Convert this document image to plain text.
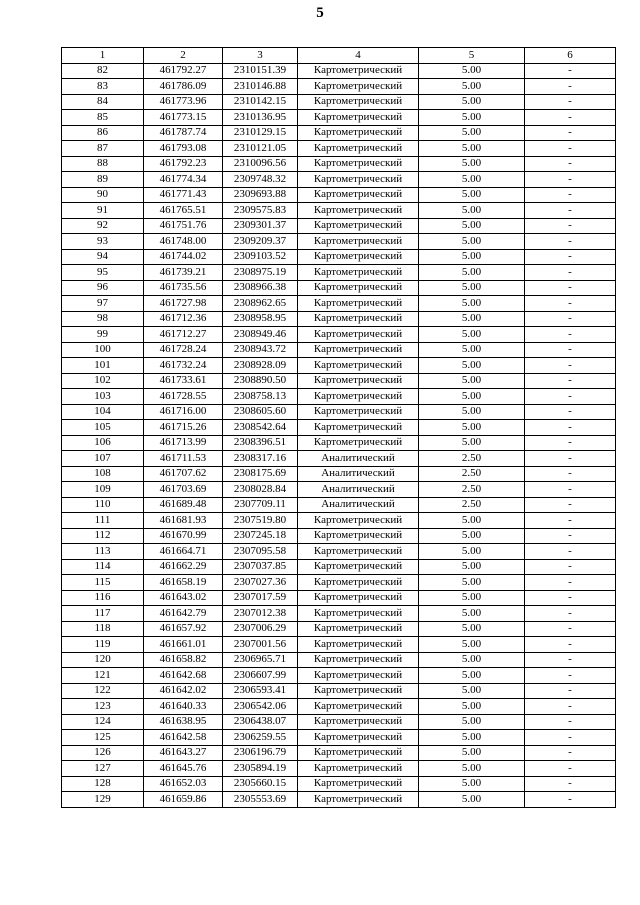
5
1	2	3	4	5	6
82	461792.27	2310151.39	Картометрический	5.00	-
83	461786.09	2310146.88	Картометрический	5.00	-
84	461773.96	2310142.15	Картометрический	5.00	-
85	461773.15	2310136.95	Картометрический	5.00	-
86	461787.74	2310129.15	Картометрический	5.00	-
87	461793.08	2310121.05	Картометрический	5.00	-
88	461792.23	2310096.56	Картометрический	5.00	-
89	461774.34	2309748.32	Картометрический	5.00	-
90	461771.43	2309693.88	Картометрический	5.00	-
91	461765.51	2309575.83	Картометрический	5.00	-
92	461751.76	2309301.37	Картометрический	5.00	-
93	461748.00	2309209.37	Картометрический	5.00	-
94	461744.02	2309103.52	Картометрический	5.00	-
95	461739.21	2308975.19	Картометрический	5.00	-
96	461735.56	2308966.38	Картометрический	5.00	-
97	461727.98	2308962.65	Картометрический	5.00	-
98	461712.36	2308958.95	Картометрический	5.00	-
99	461712.27	2308949.46	Картометрический	5.00	-
100	461728.24	2308943.72	Картометрический	5.00	-
101	461732.24	2308928.09	Картометрический	5.00	-
102	461733.61	2308890.50	Картометрический	5.00	-
103	461728.55	2308758.13	Картометрический	5.00	-
104	461716.00	2308605.60	Картометрический	5.00	-
105	461715.26	2308542.64	Картометрический	5.00	-
106	461713.99	2308396.51	Картометрический	5.00	-
107	461711.53	2308317.16	Аналитический	2.50	-
108	461707.62	2308175.69	Аналитический	2.50	-
109	461703.69	2308028.84	Аналитический	2.50	-
110	461689.48	2307709.11	Аналитический	2.50	-
111	461681.93	2307519.80	Картометрический	5.00	-
112	461670.99	2307245.18	Картометрический	5.00	-
113	461664.71	2307095.58	Картометрический	5.00	-
114	461662.29	2307037.85	Картометрический	5.00	-
115	461658.19	2307027.36	Картометрический	5.00	-
116	461643.02	2307017.59	Картометрический	5.00	-
117	461642.79	2307012.38	Картометрический	5.00	-
118	461657.92	2307006.29	Картометрический	5.00	-
119	461661.01	2307001.56	Картометрический	5.00	-
120	461658.82	2306965.71	Картометрический	5.00	-
121	461642.68	2306607.99	Картометрический	5.00	-
122	461642.02	2306593.41	Картометрический	5.00	-
123	461640.33	2306542.06	Картометрический	5.00	-
124	461638.95	2306438.07	Картометрический	5.00	-
125	461642.58	2306259.55	Картометрический	5.00	-
126	461643.27	2306196.79	Картометрический	5.00	-
127	461645.76	2305894.19	Картометрический	5.00	-
128	461652.03	2305660.15	Картометрический	5.00	-
129	461659.86	2305553.69	Картометрический	5.00	-
